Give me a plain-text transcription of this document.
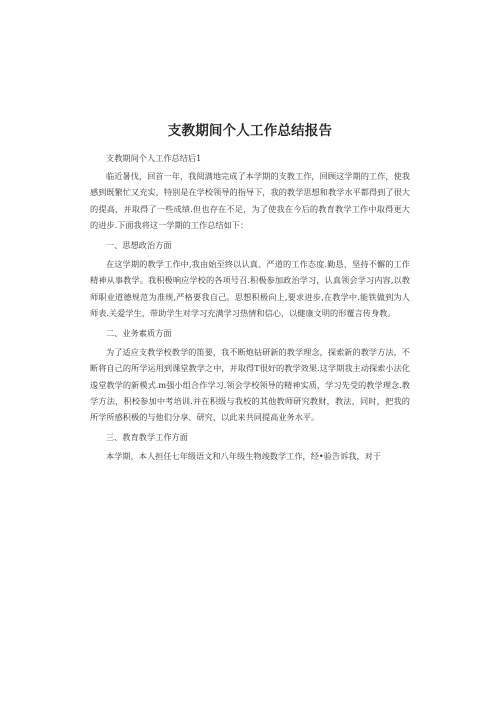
支教期间个人工作总结报告

支教期间个人工作总结后1

临近暑伐，回首一年，我阅满地完成了本学期的支教工作，回顾这学期的工作，使我感到既繁忙又充实，特别是在学校领导的指导下，我的教学思想和教学水平都得到了很大的提高，并取得了一些成绩.但也存在不足，为了使我在今后的教育教学工作中取得更大的进步.下面我将这一学期的工作总结如下：

一、思想政治方面

在这学期的教学工作中,我由始至终以认真、严道的工作态度.勤恳、坚持不懈的工作精神从事教学。我积极响应学校的各项号召.积极参加政治学习，认真领会学习内容,以教师职业道德规范为准规,严格要我自己。思想积极向上,要求进步,在教学中.能铁做到为人师表.关爱学生，带助学生对学习充满学习热情和信心，以健康文明的形覆言传身教。

二、业务素质方面

为了适应支教学校教学的笛要，我不断炮钻研新的教学理念，探索新的教学方法，不断将自己的所学运用到课堂教学之中，并取得T很好的教学效果.这学期我主动探索小法化逡堂教学的新模式.m强小组合作学习.领会学校领导的精神实质，学习先受的教学理念.教学方法，积校参加中考培训.并在积级与我校的其他教师研究教财，教法，同时，把我的所学所感积极的与他们分享、研究，以此来共同提高业务水平。

三、教育教学工作方面

本学期，本人担任七年级语文和八年级生物竣数学工作，经•验告诉我，对于
